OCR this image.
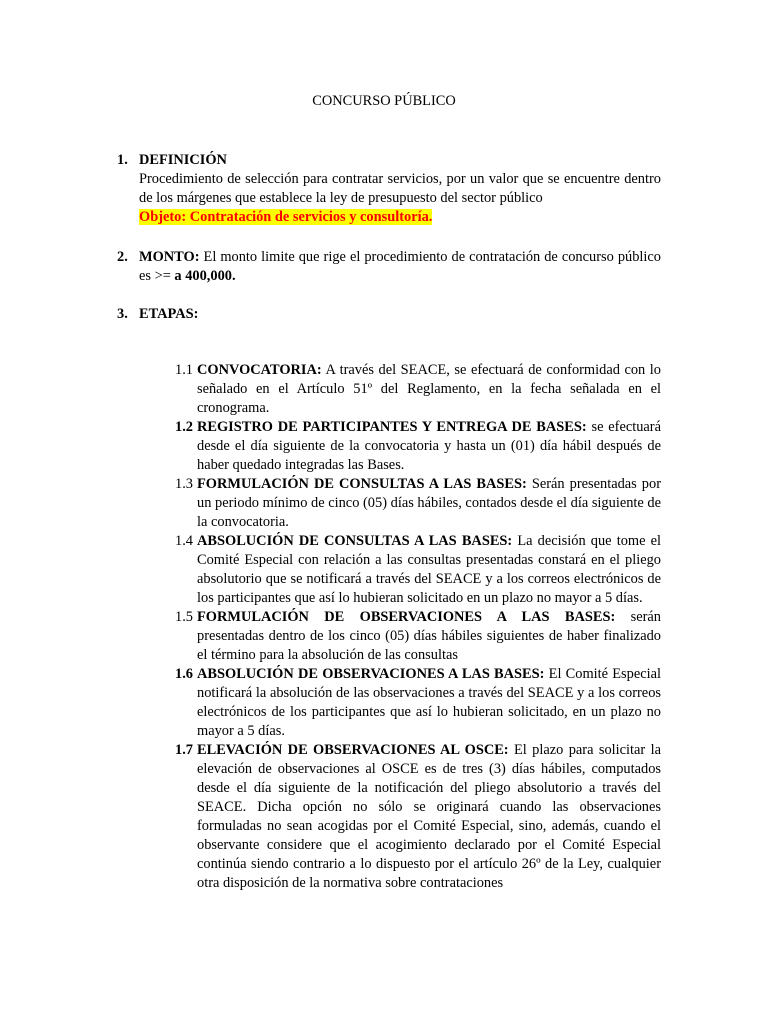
CONCURSO PÚBLICO
1. DEFINICIÓN
Procedimiento de selección para contratar servicios, por un valor que se encuentre dentro de los márgenes que establece la ley de presupuesto del sector público
Objeto: Contratación de servicios y consultoría.
2. MONTO: El monto limite que rige el procedimiento de contratación de concurso público es >= a 400,000.
3. ETAPAS:
1.1 CONVOCATORIA: A través del SEACE, se efectuará de conformidad con lo señalado en el Artículo 51º del Reglamento, en la fecha señalada en el cronograma.
1.2 REGISTRO DE PARTICIPANTES Y ENTREGA DE BASES: se efectuará desde el día siguiente de la convocatoria y hasta un (01) día hábil después de haber quedado integradas las Bases.
1.3 FORMULACIÓN DE CONSULTAS A LAS BASES: Serán presentadas por un periodo mínimo de cinco (05) días hábiles, contados desde el día siguiente de la convocatoria.
1.4 ABSOLUCIÓN DE CONSULTAS A LAS BASES: La decisión que tome el Comité Especial con relación a las consultas presentadas constará en el pliego absolutorio que se notificará a través del SEACE y a los correos electrónicos de los participantes que así lo hubieran solicitado en un plazo no mayor a 5 días.
1.5 FORMULACIÓN DE OBSERVACIONES A LAS BASES: serán presentadas dentro de los cinco (05) días hábiles siguientes de haber finalizado el término para la absolución de las consultas
1.6 ABSOLUCIÓN DE OBSERVACIONES A LAS BASES: El Comité Especial notificará la absolución de las observaciones a través del SEACE y a los correos electrónicos de los participantes que así lo hubieran solicitado, en un plazo no mayor a 5 días.
1.7 ELEVACIÓN DE OBSERVACIONES AL OSCE: El plazo para solicitar la elevación de observaciones al OSCE es de tres (3) días hábiles, computados desde el día siguiente de la notificación del pliego absolutorio a través del SEACE. Dicha opción no sólo se originará cuando las observaciones formuladas no sean acogidas por el Comité Especial, sino, además, cuando el observante considere que el acogimiento declarado por el Comité Especial continúa siendo contrario a lo dispuesto por el artículo 26º de la Ley, cualquier otra disposición de la normativa sobre contrataciones
